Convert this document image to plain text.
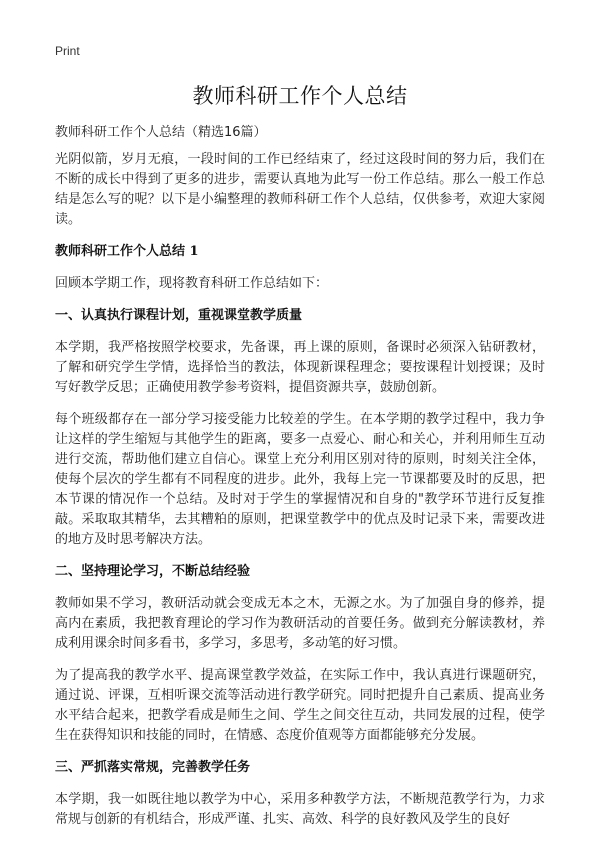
Print
教师科研工作个人总结

教师科研工作个人总结（精选16篇）

光阴似箭，岁月无痕，一段时间的工作已经结束了，经过这段时间的努力后，我们在不断的成长中得到了更多的进步，需要认真地为此写一份工作总结。那么一般工作总结是怎么写的呢？以下是小编整理的教师科研工作个人总结，仅供参考，欢迎大家阅读。

教师科研工作个人总结 1

回顾本学期工作，现将教育科研工作总结如下：

一、认真执行课程计划，重视课堂教学质量

本学期，我严格按照学校要求，先备课，再上课的原则，备课时必须深入钻研教材，了解和研究学生学情，选择恰当的教法，体现新课程理念；要按课程计划授课；及时写好教学反思；正确使用教学参考资料，提倡资源共享，鼓励创新。

每个班级都存在一部分学习接受能力比较差的学生。在本学期的教学过程中，我力争让这样的学生缩短与其他学生的距离，要多一点爱心、耐心和关心，并利用师生互动进行交流，帮助他们建立自信心。课堂上充分利用区别对待的原则，时刻关注全体，使每个层次的学生都有不同程度的进步。此外，我每上完一节课都要及时的反思，把本节课的情况作一个总结。及时对于学生的掌握情况和自身的"教学环节进行反复推敲。采取取其精华，去其糟粕的原则，把课堂教学中的优点及时记录下来，需要改进的地方及时思考解决方法。

二、坚持理论学习，不断总结经验

教师如果不学习，教研活动就会变成无本之木，无源之水。为了加强自身的修养，提高内在素质，我把教育理论的学习作为教研活动的首要任务。做到充分解读教材，养成利用课余时间多看书，多学习，多思考，多动笔的好习惯。

为了提高我的教学水平、提高课堂教学效益，在实际工作中，我认真进行课题研究，通过说、评课，互相听课交流等活动进行教学研究。同时把提升自己素质、提高业务水平结合起来，把教学看成是师生之间、学生之间交往互动，共同发展的过程，使学生在获得知识和技能的同时，在情感、态度价值观等方面都能够充分发展。

三、严抓落实常规，完善教学任务

本学期，我一如既往地以教学为中心，采用多种教学方法，不断规范教学行为，力求常规与创新的有机结合，形成严谨、扎实、高效、科学的良好教风及学生的良好
